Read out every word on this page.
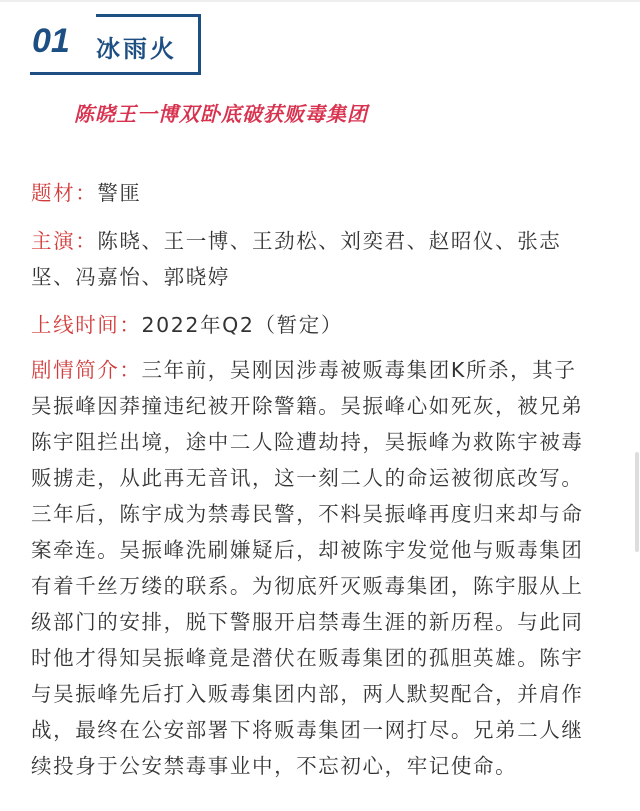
01 冰雨火
陈晓王一博双卧底破获贩毒集团
题材：警匪
主演：陈晓、王一博、王劲松、刘奕君、赵昭仪、张志
坚、冯嘉怡、郭晓婷
上线时间：2022年Q2（暂定）
剧情简介：三年前，吴刚因涉毒被贩毒集团K所杀，其子
吴振峰因莽撞违纪被开除警籍。吴振峰心如死灰，被兄弟
陈宇阻拦出境，途中二人险遭劫持，吴振峰为救陈宇被毒
贩掳走，从此再无音讯，这一刻二人的命运被彻底改写。
三年后，陈宇成为禁毒民警，不料吴振峰再度归来却与命
案牵连。吴振峰洗刷嫌疑后，却被陈宇发觉他与贩毒集团
有着千丝万缕的联系。为彻底歼灭贩毒集团，陈宇服从上
级部门的安排，脱下警服开启禁毒生涯的新历程。与此同
时他才得知吴振峰竟是潜伏在贩毒集团的孤胆英雄。陈宇
与吴振峰先后打入贩毒集团内部，两人默契配合，并肩作
战，最终在公安部署下将贩毒集团一网打尽。兄弟二人继
续投身于公安禁毒事业中，不忘初心，牢记使命。
